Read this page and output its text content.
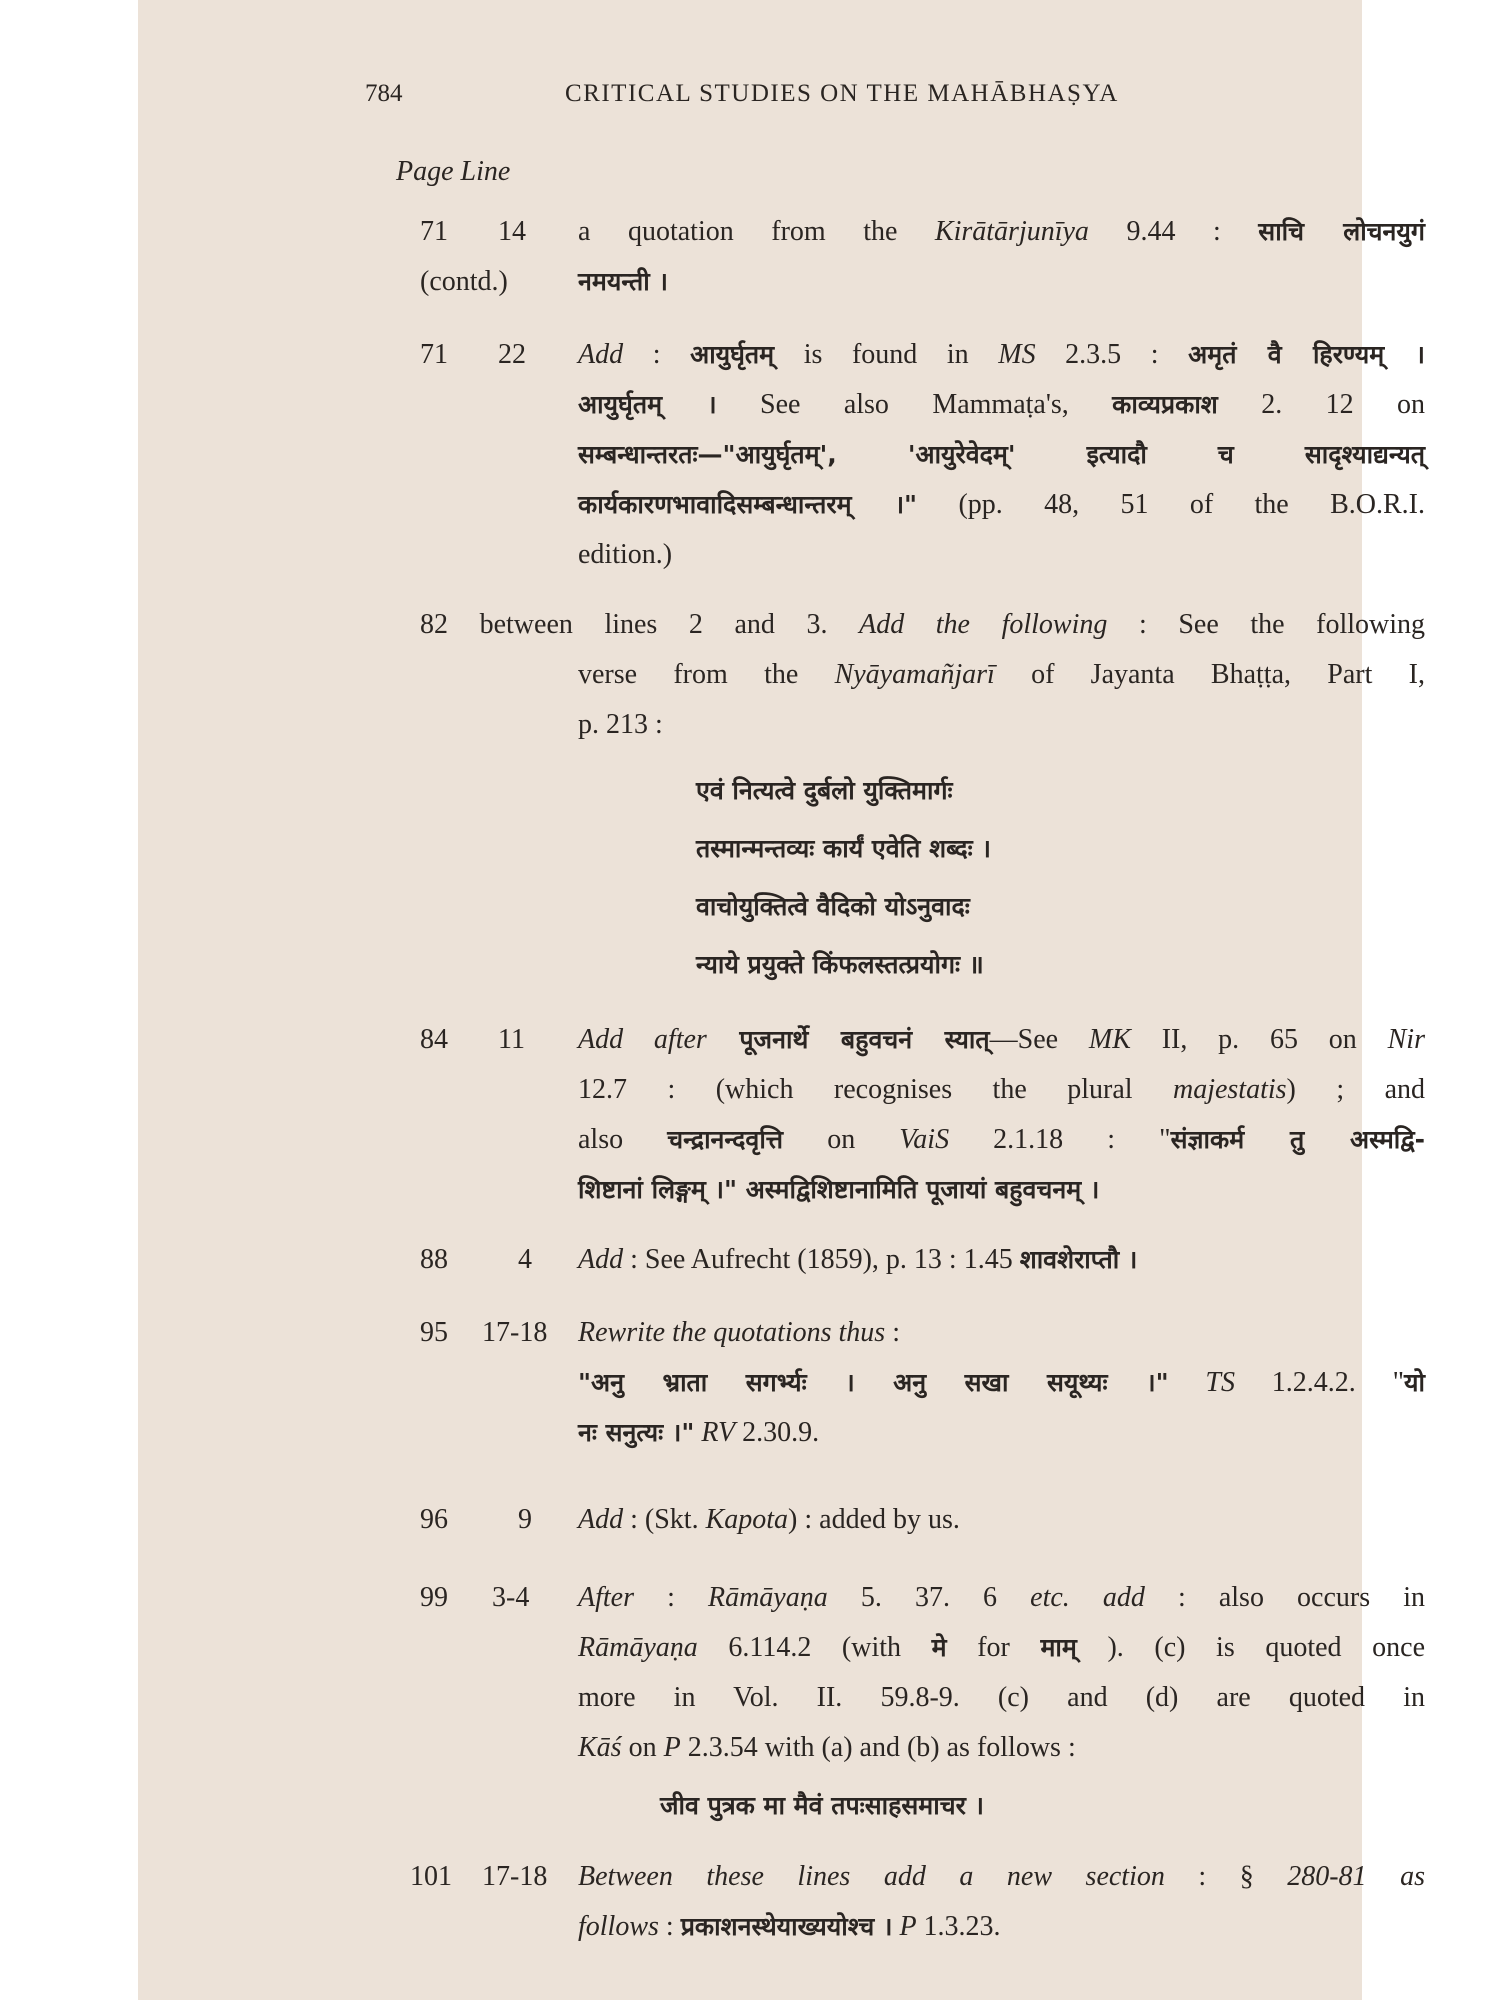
784	CRITICAL STUDIES ON THE MAHĀBHAṢYA
Page Line
71 14
(contd.)
a quotation from the Kirātārjunīya 9.44 : साचि लोचनयुगं
नमयन्ती ।
71 22 Add : आयुर्घृतम् is found in MS 2.3.5 : अमृतं वै हिरण्यम् ।
आयुर्घृतम् । See also Mammaṭa's, काव्यप्रकाश 2. 12 on
सम्बन्धान्तरतः—"आयुर्घृतम्', 'आयुरेवेदम्' इत्यादौ च सादृश्याद्यन्यत्
कार्यकारणभावादिसम्बन्धान्तरम् ।" (pp. 48, 51 of the B.O.R.I.
edition.)
82 between lines 2 and 3. Add the following : See the following
verse from the Nyāyamañjarī of Jayanta Bhaṭṭa, Part I,
p. 213 :
एवं नित्यत्वे दुर्बलो युक्तिमार्गः
तस्मान्मन्तव्यः कार्यं एवेति शब्दः ।
वाचोयुक्तित्वे वैदिको योऽनुवादः
न्याये प्रयुक्ते किंफलस्तत्प्रयोगः ॥
84 11 Add after पूजनार्थे बहुवचनं स्यात्—See MK II, p. 65 on Nir
12.7 : (which recognises the plural majestatis) ; and
also चन्द्रानन्दवृत्ति on VaiS 2.1.18 : "संज्ञाकर्म तु अस्मद्वि-
शिष्टानां लिङ्गम् ।" अस्मद्विशिष्टानामिति पूजायां बहुवचनम् ।
88	4 Add : See Aufrecht (1859), p. 13 : 1.45 शावशेराप्तौ ।
95 17-18 Rewrite the quotations thus :
"अनु भ्राता सगर्भ्यः । अनु सखा सयूथ्यः ।" TS 1.2.4.2. "यो
नः सनुत्यः ।" RV 2.30.9.
96	9 Add : (Skt. Kapota) : added by us.
99 3-4 After : Rāmāyaṇa 5. 37. 6 etc. add : also occurs in
Rāmāyaṇa 6.114.2 (with मे for माम् ). (c) is quoted once
more in Vol. II. 59.8-9. (c) and (d) are quoted in
Kāś on P 2.3.54 with (a) and (b) as follows :
जीव पुत्रक मा मैवं तपःसाहसमाचर ।
101 17-18 Between these lines add a new section : § 280-81 as
follows : प्रकाशनस्थेयाख्ययोश्च । P 1.3.23.
